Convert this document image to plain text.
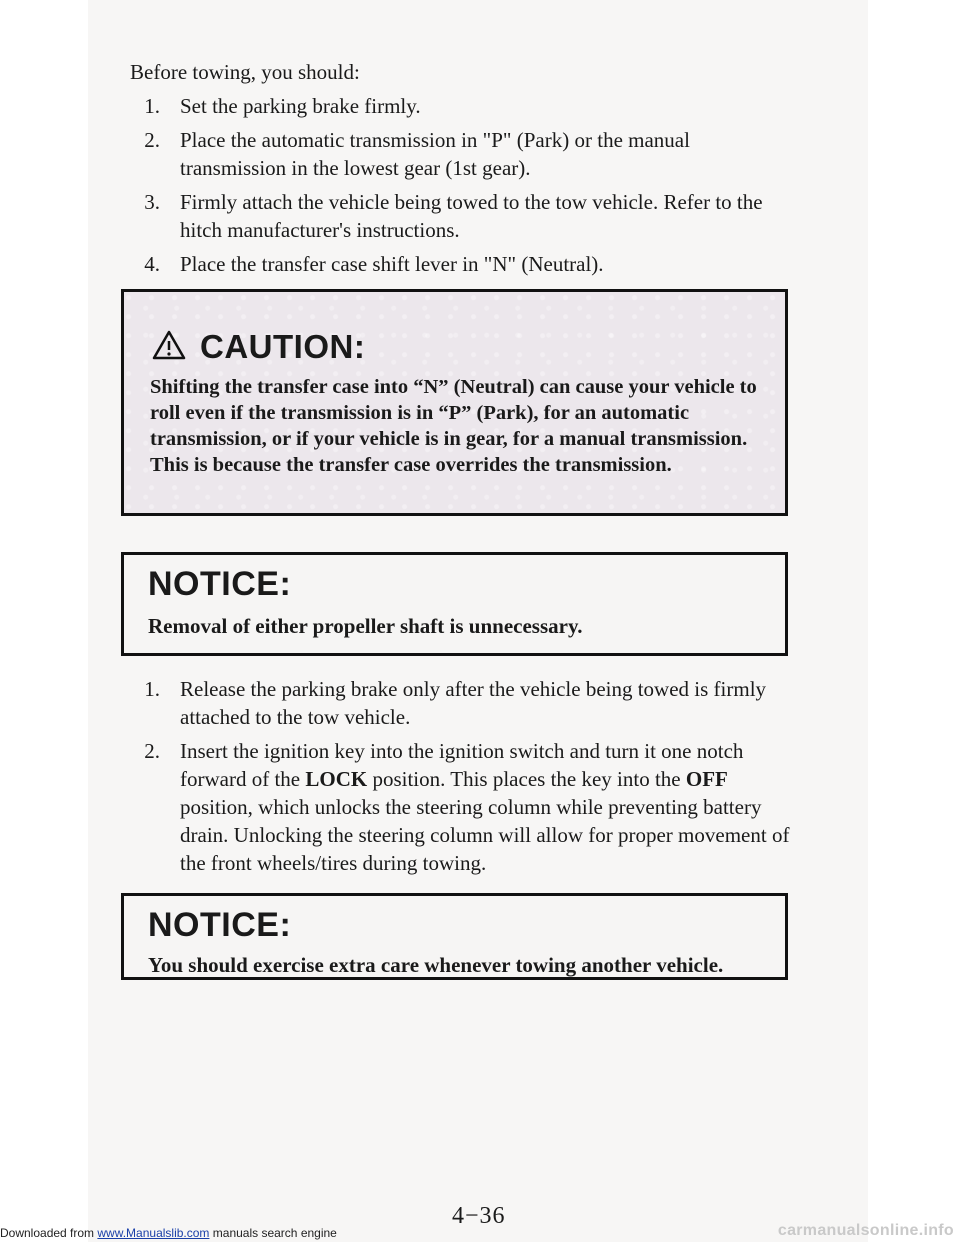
Before towing, you should:
1. Set the parking brake firmly.
2. Place the automatic transmission in "P" (Park) or the manual transmission in the lowest gear (1st gear).
3. Firmly attach the vehicle being towed to the tow vehicle. Refer to the hitch manufacturer's instructions.
4. Place the transfer case shift lever in "N" (Neutral).
CAUTION:
Shifting the transfer case into “N” (Neutral) can cause your vehicle to roll even if the transmission is in “P” (Park), for an automatic transmission, or if your vehicle is in gear, for a manual transmission. This is because the transfer case overrides the transmission.
NOTICE:
Removal of either propeller shaft is unnecessary.
1. Release the parking brake only after the vehicle being towed is firmly attached to the tow vehicle.
2. Insert the ignition key into the ignition switch and turn it one notch forward of the LOCK position. This places the key into the OFF position, which unlocks the steering column while preventing battery drain. Unlocking the steering column will allow for proper movement of the front wheels/tires during towing.
NOTICE:
You should exercise extra care whenever towing another vehicle.
4−36
Downloaded from www.Manualslib.com manuals search engine	carmanualsonline.info
